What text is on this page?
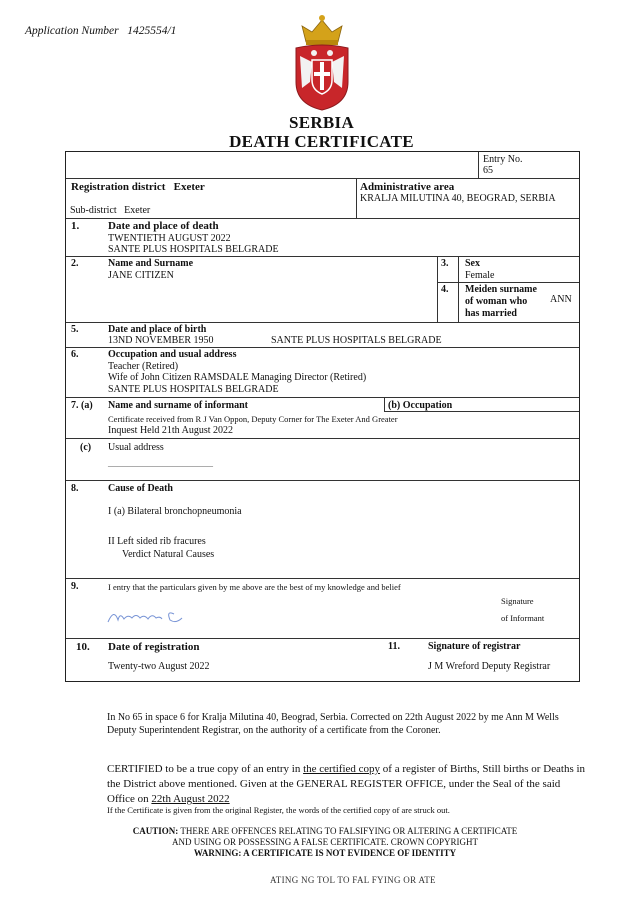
Application Number 1425554/1
SERBIA
DEATH CERTIFICATE
Entry No.
65
Registration district Exeter
Sub-district Exeter
Administrative area
KRALJA MILUTINA 40, BEOGRAD, SERBIA
1.	Date and place of death
TWENTIETH AUGUST 2022
SANTE PLUS HOSPITALS BELGRADE
2.	Name and Surname
JANE CITIZEN
3. Sex
Female
4. Meiden surname
of woman who
has married
ANN
5.	Date and place of birth
13ND NOVEMBER 1950	SANTE PLUS HOSPITALS BELGRADE
6.	Occupation and usual address
Teacher (Retired)
Wife of John Citizen RAMSDALE Managing Director (Retired)
SANTE PLUS HOSPITALS BELGRADE
7. (a) Name and surname of informant	(b) Occupation
Certificate received from R J Van Oppon, Deputy Corner for The Exeter And Greater
Inquest Held 21th August 2022
(c) Usual address
_____________________
8.	Cause of Death
I (a) Bilateral bronchopneumonia
II Left sided rib fracures
Verdict Natural Causes
9.	I entry that the particulars given by me above are the best of my knowledge and belief
Signature
of Informant
10. Date of registration
Twenty-two August 2022
11.	Signature of registrar
J M Wreford Deputy Registrar
In No 65 in space 6 for Kralja Milutina 40, Beograd, Serbia. Corrected on 22th August 2022 by me Ann M Wells Deputy Superintendent Registrar, on the authority of a certificate from the Coroner.
CERTIFIED to be a true copy of an entry in the certified copy of a register of Births, Still births or Deaths in the District above mentioned. Given at the GENERAL REGISTER OFFICE, under the Seal of the said Office on 22th August 2022
If the Certificate is given from the original Register, the words of the certified copy of are struck out.
CAUTION: THERE ARE OFFENCES RELATING TO FALSIFYING OR ALTERING A CERTIFICATE
AND USING OR POSSESSING A FALSE CERTIFICATE. CROWN COPYRIGHT
WARNING: A CERTIFICATE IS NOT EVIDENCE OF IDENTITY
ATING NG TOL TO FAL FYING OR ATE
